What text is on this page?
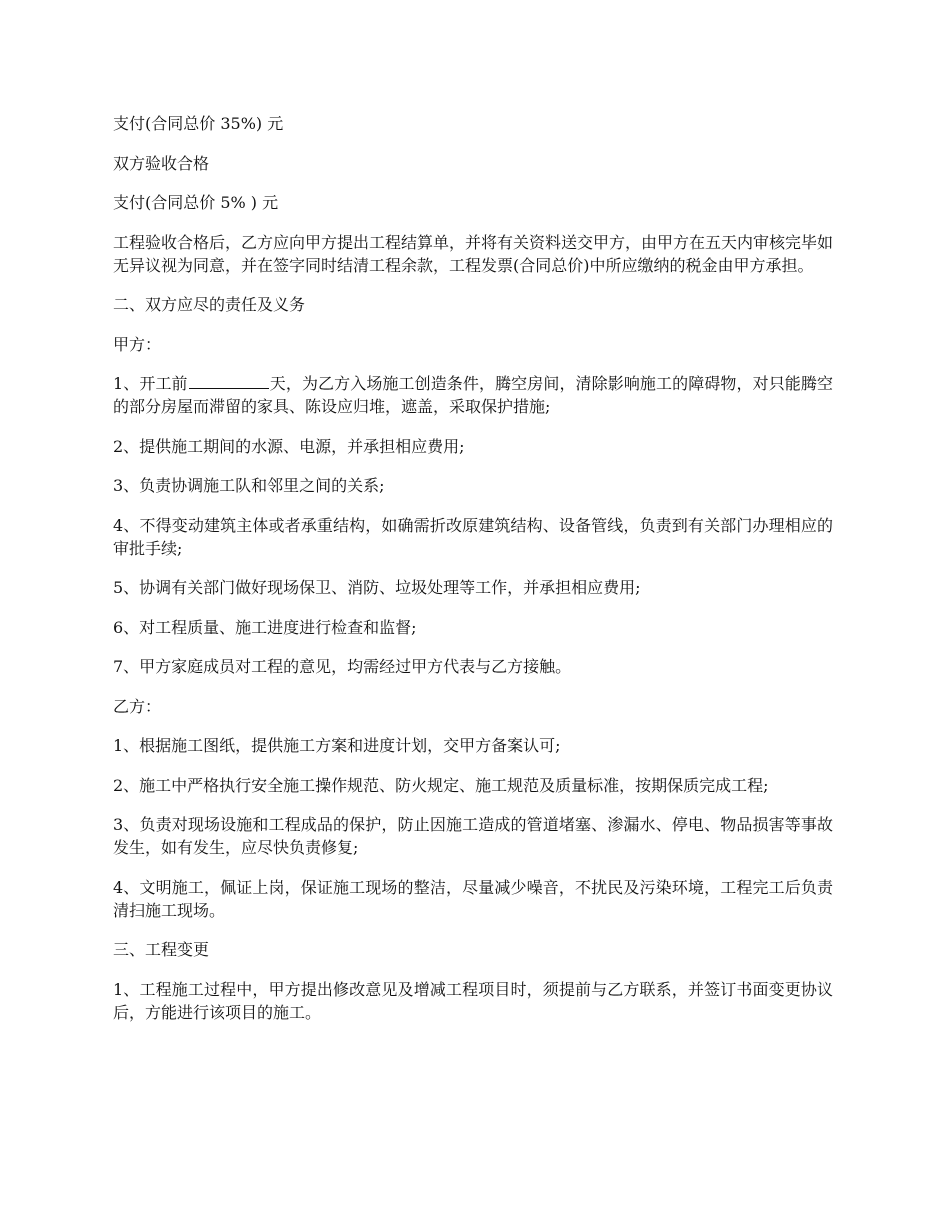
支付(合同总价 35%) 元

双方验收合格

支付(合同总价 5% ) 元

工程验收合格后，乙方应向甲方提出工程结算单，并将有关资料送交甲方，由甲方在五天内审核完毕如无异议视为同意，并在签字同时结清工程余款，工程发票(合同总价)中所应缴纳的税金由甲方承担。

二、双方应尽的责任及义务

甲方：

1、开工前	天，为乙方入场施工创造条件，腾空房间，清除影响施工的障碍物，对只能腾空的部分房屋而滞留的家具、陈设应归堆，遮盖，采取保护措施;

2、提供施工期间的水源、电源，并承担相应费用;

3、负责协调施工队和邻里之间的关系;

4、不得变动建筑主体或者承重结构，如确需折改原建筑结构、设备管线，负责到有关部门办理相应的审批手续;

5、协调有关部门做好现场保卫、消防、垃圾处理等工作，并承担相应费用;

6、对工程质量、施工进度进行检查和监督;

7、甲方家庭成员对工程的意见，均需经过甲方代表与乙方接触。

乙方：

1、根据施工图纸，提供施工方案和进度计划，交甲方备案认可;

2、施工中严格执行安全施工操作规范、防火规定、施工规范及质量标准，按期保质完成工程;

3、负责对现场设施和工程成品的保护，防止因施工造成的管道堵塞、渗漏水、停电、物品损害等事故发生，如有发生，应尽快负责修复;

4、文明施工，佩证上岗，保证施工现场的整洁，尽量减少噪音，不扰民及污染环境，工程完工后负责清扫施工现场。

三、工程变更

1、工程施工过程中，甲方提出修改意见及增减工程项目时，须提前与乙方联系，并签订书面变更协议后，方能进行该项目的施工。
